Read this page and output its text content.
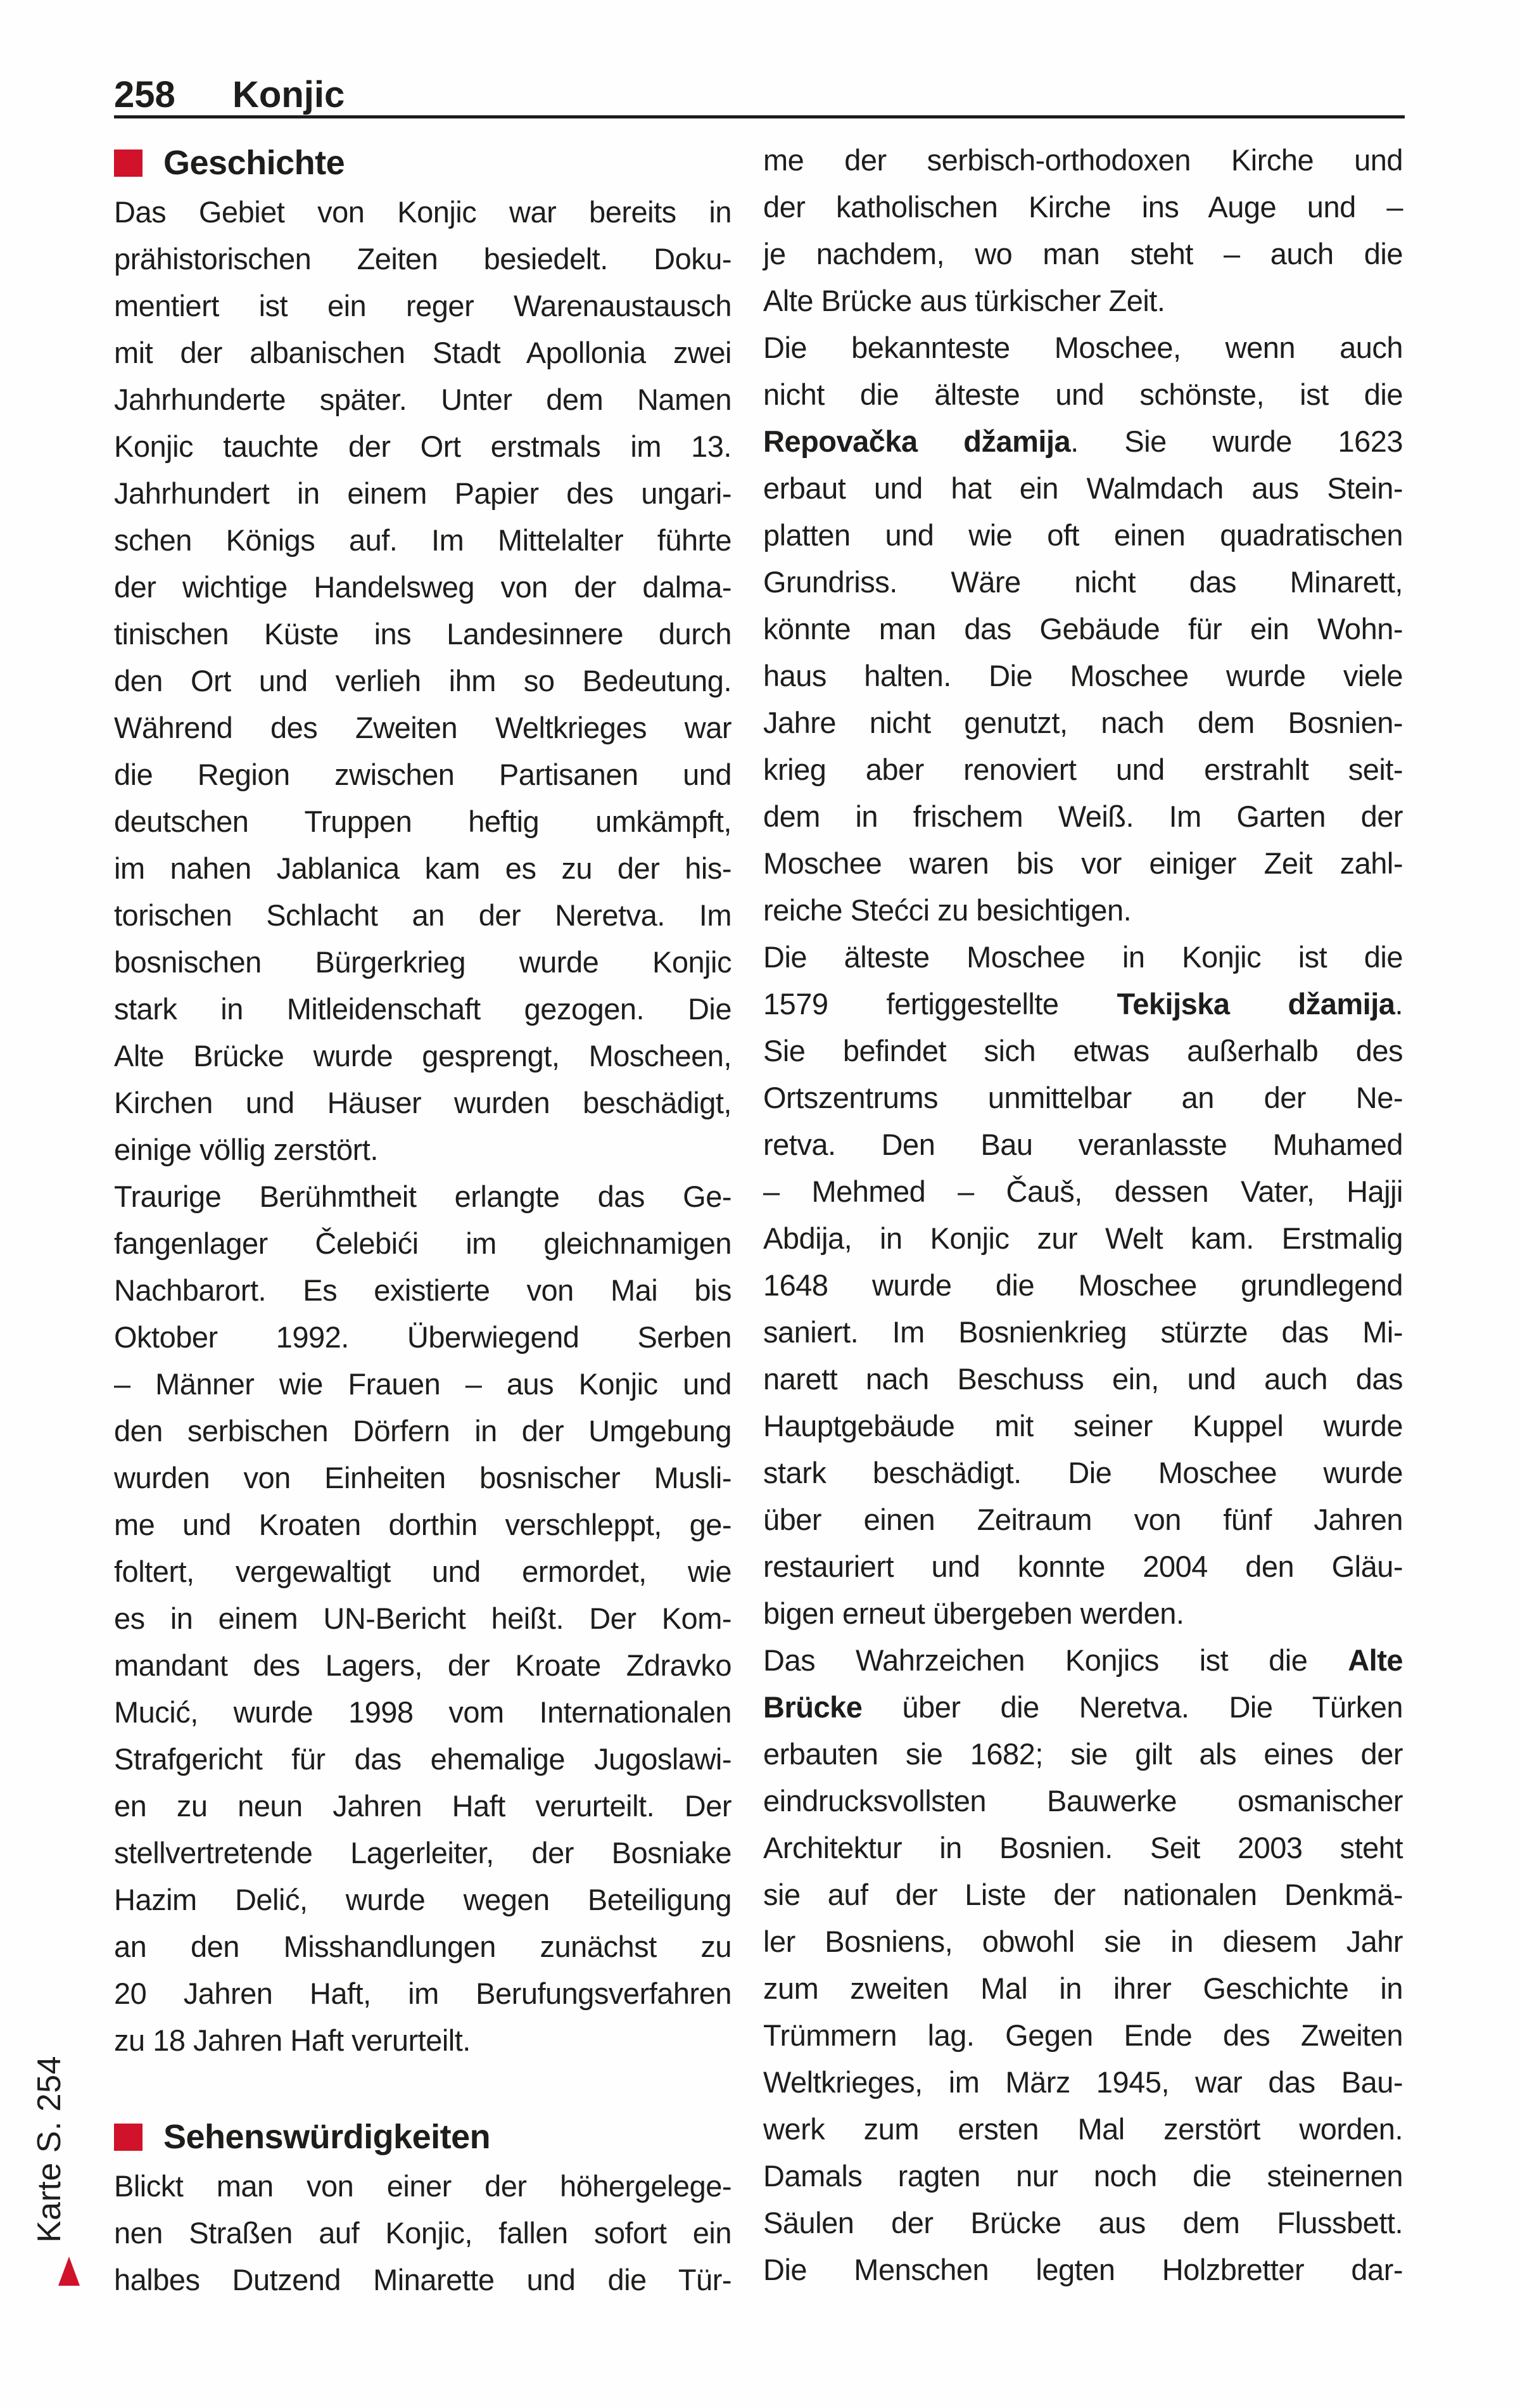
258 Konjic
Geschichte
Das Gebiet von Konjic war bereits in
prähistorischen Zeiten besiedelt. Doku-
mentiert ist ein reger Warenaustausch
mit der albanischen Stadt Apollonia zwei
Jahrhunderte später. Unter dem Namen
Konjic tauchte der Ort erstmals im 13.
Jahrhundert in einem Papier des ungari-
schen Königs auf. Im Mittelalter führte
der wichtige Handelsweg von der dalma-
tinischen Küste ins Landesinnere durch
den Ort und verlieh ihm so Bedeutung.
Während des Zweiten Weltkrieges war
die Region zwischen Partisanen und
deutschen Truppen heftig umkämpft,
im nahen Jablanica kam es zu der his-
torischen Schlacht an der Neretva. Im
bosnischen Bürgerkrieg wurde Konjic
stark in Mitleidenschaft gezogen. Die
Alte Brücke wurde gesprengt, Moscheen,
Kirchen und Häuser wurden beschädigt,
einige völlig zerstört.
Traurige Berühmtheit erlangte das Ge-
fangenlager Čelebići im gleichnamigen
Nachbarort. Es existierte von Mai bis
Oktober 1992. Überwiegend Serben
– Männer wie Frauen – aus Konjic und
den serbischen Dörfern in der Umgebung
wurden von Einheiten bosnischer Musli-
me und Kroaten dorthin verschleppt, ge-
foltert, vergewaltigt und ermordet, wie
es in einem UN-Bericht heißt. Der Kom-
mandant des Lagers, der Kroate Zdravko
Mucić, wurde 1998 vom Internationalen
Strafgericht für das ehemalige Jugoslawi-
en zu neun Jahren Haft verurteilt. Der
stellvertretende Lagerleiter, der Bosniake
Hazim Delić, wurde wegen Beteiligung
an den Misshandlungen zunächst zu
20 Jahren Haft, im Berufungsverfahren
zu 18 Jahren Haft verurteilt.
Sehenswürdigkeiten
Blickt man von einer der höhergelege-
nen Straßen auf Konjic, fallen sofort ein
halbes Dutzend Minarette und die Tür-
me der serbisch-orthodoxen Kirche und
der katholischen Kirche ins Auge und –
je nachdem, wo man steht – auch die
Alte Brücke aus türkischer Zeit.
Die bekannteste Moschee, wenn auch
nicht die älteste und schönste, ist die
Repovačka džamija. Sie wurde 1623
erbaut und hat ein Walmdach aus Stein-
platten und wie oft einen quadratischen
Grundriss. Wäre nicht das Minarett,
könnte man das Gebäude für ein Wohn-
haus halten. Die Moschee wurde viele
Jahre nicht genutzt, nach dem Bosnien-
krieg aber renoviert und erstrahlt seit-
dem in frischem Weiß. Im Garten der
Moschee waren bis vor einiger Zeit zahl-
reiche Stećci zu besichtigen.
Die älteste Moschee in Konjic ist die
1579 fertiggestellte Tekijska džamija.
Sie befindet sich etwas außerhalb des
Ortszentrums unmittelbar an der Ne-
retva. Den Bau veranlasste Muhamed
– Mehmed – Čauš, dessen Vater, Hajji
Abdija, in Konjic zur Welt kam. Erstmalig
1648 wurde die Moschee grundlegend
saniert. Im Bosnienkrieg stürzte das Mi-
narett nach Beschuss ein, und auch das
Hauptgebäude mit seiner Kuppel wurde
stark beschädigt. Die Moschee wurde
über einen Zeitraum von fünf Jahren
restauriert und konnte 2004 den Gläu-
bigen erneut übergeben werden.
Das Wahrzeichen Konjics ist die Alte
Brücke über die Neretva. Die Türken
erbauten sie 1682; sie gilt als eines der
eindrucksvollsten Bauwerke osmanischer
Architektur in Bosnien. Seit 2003 steht
sie auf der Liste der nationalen Denkmä-
ler Bosniens, obwohl sie in diesem Jahr
zum zweiten Mal in ihrer Geschichte in
Trümmern lag. Gegen Ende des Zweiten
Weltkrieges, im März 1945, war das Bau-
werk zum ersten Mal zerstört worden.
Damals ragten nur noch die steinernen
Säulen der Brücke aus dem Flussbett.
Die Menschen legten Holzbretter dar-
Karte S. 254
